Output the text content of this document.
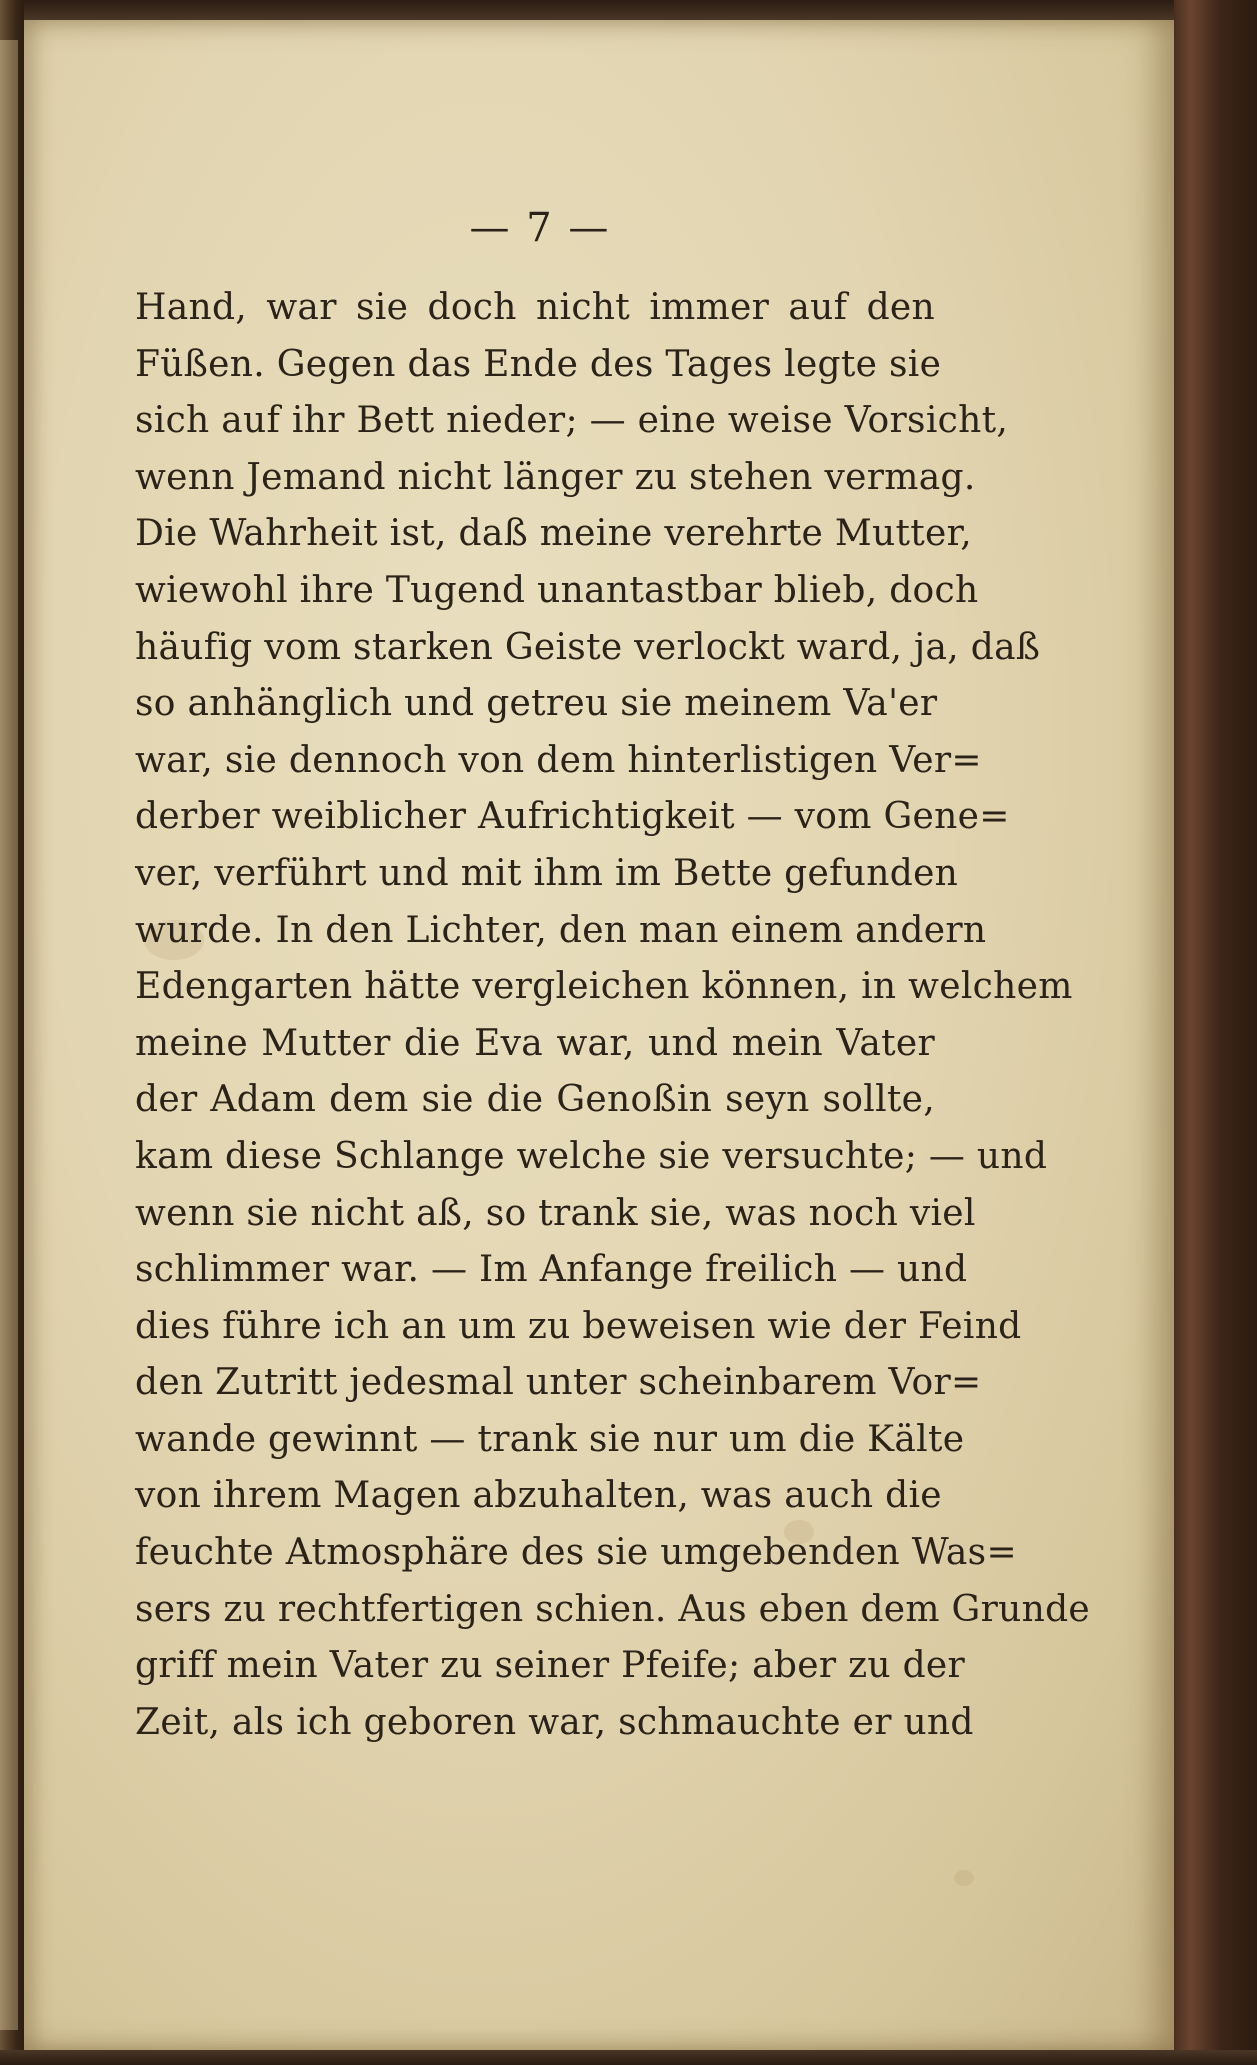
— 7 —
Hand, war sie doch nicht immer auf den
Füßen. Gegen das Ende des Tages legte sie
sich auf ihr Bett nieder; — eine weise Vorsicht,
wenn Jemand nicht länger zu stehen vermag.
Die Wahrheit ist, daß meine verehrte Mutter,
wiewohl ihre Tugend unantastbar blieb, doch
häufig vom starken Geiste verlockt ward, ja, daß
so anhänglich und getreu sie meinem Va'er
war, sie dennoch von dem hinterlistigen Ver=
derber weiblicher Aufrichtigkeit — vom Gene=
ver, verführt und mit ihm im Bette gefunden
wurde. In den Lichter, den man einem andern
Edengarten hätte vergleichen können, in welchem
meine Mutter die Eva war, und mein Vater
der Adam dem sie die Genoßin seyn sollte,
kam diese Schlange welche sie versuchte; — und
wenn sie nicht aß, so trank sie, was noch viel
schlimmer war. — Im Anfange freilich — und
dies führe ich an um zu beweisen wie der Feind
den Zutritt jedesmal unter scheinbarem Vor=
wande gewinnt — trank sie nur um die Kälte
von ihrem Magen abzuhalten, was auch die
feuchte Atmosphäre des sie umgebenden Was=
sers zu rechtfertigen schien. Aus eben dem Grunde
griff mein Vater zu seiner Pfeife; aber zu der
Zeit, als ich geboren war, schmauchte er und
